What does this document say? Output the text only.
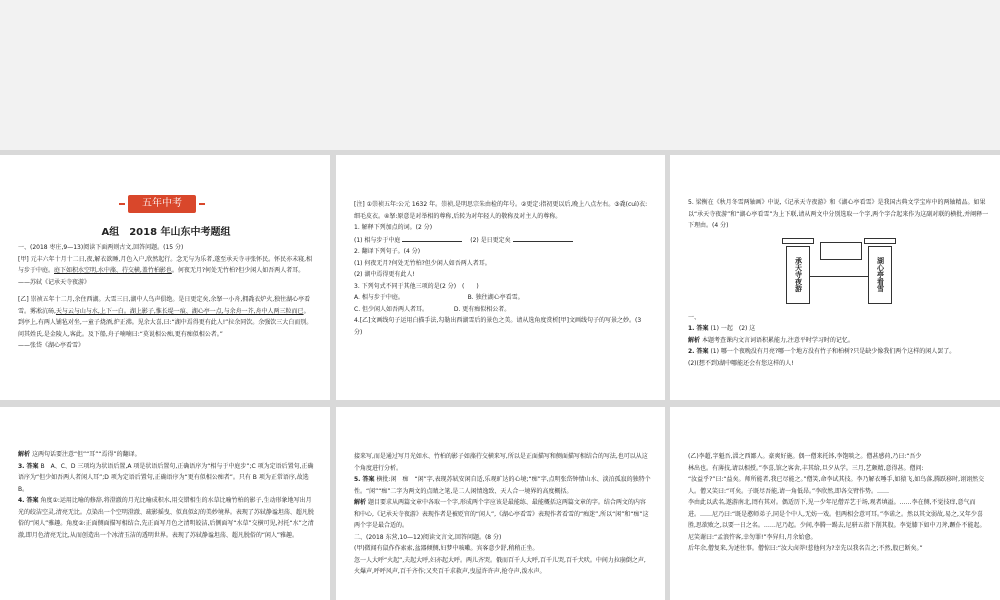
五年中考
A组　2018 年山东中考题组

一、(2018 枣庄,9—13)阅读下面两则古文,回答问题。(15 分)

[甲] 元丰六年十月十二日,夜,解衣欲睡,月色入户,欣然起行。念无与为乐者,遂至承天寺寻张怀民。怀民亦未寝,相与步于中庭。庭下如积水空明,水中藻、荇交横,盖竹柏影也。何夜无月?何处无竹柏?但少闲人如吾两人者耳。

——苏轼《记承天寺夜游》

[乙] 崇祯五年十二月,余住西湖。大雪三日,湖中人鸟声俱绝。是日更定矣,余拏一小舟,拥毳衣炉火,独往湖心亭看雪。雾凇沆砀,天与云与山与水,上下一白。湖上影子,惟长堤一痕、湖心亭一点,与余舟一芥,舟中人两三粒而已。到亭上,有两人铺毡对坐,一童子烧酒,炉正沸。见余大喜,曰:“湖中焉得更有此人!”拉余同饮。余强饮三大白而别。问其姓氏,是金陵人,客此。及下船,舟子喃喃曰:“莫说相公痴,更有痴似相公者。”

——张岱《湖心亭看雪》

[注] ①崇祯五年:公元 1632 年。崇祯,是明思宗朱由检的年号。②更定:指初更以后,晚上八点左右。③毳(cuì)衣:细毛皮衣。④拏:原意是对举相的尊称,后转为对年轻人的敬称及对主人的尊称。

1. 解释下列加点的词。(2 分)

(1) 相与步于中庭 　	(2) 是日更定矣

2. 翻译下列句子。(4 分)

(1) 何夜无月?何处无竹柏?但少闲人如吾两人者耳。

(2) 湖中焉得更有此人!

3. 下列句式不同于其他三项的是(2 分)　(　　)

A. 相与步于中庭。	B. 独往湖心亭看雪。

C. 但少闲人如吾两人者耳。	D. 更有痴似相公者。

4.[乙]文画线句子运用白描手法,勾勒出西湖雪后的景色之美。请从选角度赏析[甲]文画线句子的写景之妙。(3 分)

5. 梁衡在《秋月冬雪两轴画》中说,《记承天寺夜游》和《湖心亭看雪》是我国古典文学宝库中的两轴精品。如果以“承天寺夜游”和“湖心亭看雪”为上下联,请从两文中分别选取一个字,两个字合起来作为这副对联的横批,并阐释一下理由。(4 分)

承天寺夜游	湖心亭看雪

一、

1. 答案 (1) 一起　(2) 这

解析 本题考查课内文言词语积累能力,注意平时学习时的记忆。

2. 答案 (1) 哪一个夜晚没有月亮?哪一个地方没有竹子和柏树?只是缺少像我们两个这样的闲人罢了。

(2)(想不到)湖中哪能还会有您这样的人!

解析 这两句话要注意“但”“耳”“焉得”的翻译。

3. 答案 B　A、C、D 三项均为状语后置,A 项是状语后置句,正确语序为“相与于中庭步”;C 项为定语后置句,正确语序为“但少如吾两人者闲人耳”;D 项为定语后置句,正确语序为“更有似相公痴者”。只有 B 项为正常语序,故选 B。

4. 答案 角度①:运用比喻的修辞,将澄澈的月光比喻成积水,用交错相生的水草比喻竹柏的影子,生动形象地写出月光的皎洁空灵,清亮无比。点染出一个空明澄澈、疏影摇曳、似真似幻的美妙境界。表现了苏轼静谧坦荡、超凡脱俗的“闲人”雅趣。角度②:正面侧面描写相结合,先正面写月色之清明皎洁,后侧面写“水草”交横可见,衬托“水”之清澈,即月色清亮无比,从而创造出一个冰清玉洁的透明世界。表现了苏轼静谧坦荡、超凡脱俗的“闲人”雅趣。

接来写,而是通过写月光如水、竹柏的影子如藻荇交横来写,所以是正面描写和侧面描写相结合的写法,也可以从这个角度进行分析。

5. 答案 横批:闲　痴　“闲”字,表现苏轼安闲自适,乐观旷达的心境;“痴”字,点明张岱钟情山水、淡泊孤寂的独特个性。“闲”“痴”二字为两文的点睛之笔,是二人闲情逸致、天人合一境界的高度概括。

解析 题目要求从两篇文章中各取一个字,形成两个字应该是最能练、最能概括这两篇文章的字。结合两文的内容和中心,《记承天寺夜游》表现作者是被贬官的“闲人”,《湖心亭看雪》表现作者看雪的“痴迷”,所以“闲”和“痴”这两个字是最合适的。

二、(2018 东营,10—12)阅读文言文,回答问题。(8 分)

(甲)微闻有鼠作作索索,盆器倾侧,妇梦中咳嗽。宾客意少舒,稍稍正坐。

忽一人大呼“火起”,夫起大呼,妇亦起大呼。两儿齐哭。俄而百千人大呼,百千儿哭,百千犬吠。中间力拉崩倒之声,火爆声,呼呼风声,百千齐作;又夹百千求救声,曳屋许许声,抢夺声,泼水声。

(乙)李超,字魁吾,淄之西鄙人。豪爽好施。偶一僧来托钵,李饱啖之。僧甚感荷,乃曰:“吾少

林出也。有薄技,请以相授。”李喜,馆之客舍,丰其给,旦夕从学。三月,艺颇精,意得甚。僧问:

“汝益乎?”曰:“益矣。师所能者,我已尽能之。”僧笑,命李试其技。李乃解衣唾手,如猿飞,如鸟落,腾跃移时,诩诩然交人。僧又笑曰:“可矣。子既尽吾能,请一角低昂。”李欣然,即各交臂作势。……

李由此以武名,遨游南北,罔有其对。偶适历下,见一少年尼僧弄艺于场,观者填溢。……李在侧,不觉技痒,意气而进。……尼乃曰:“既是憨师弟子,同是个中人,无妨一戏。但两相会意可耳。”李诺之。然以其文弱故,易之,又年少喜胜,思欲败之,以要一日之名。……尼乃起。少间,李腾一踢去,尼骈五指下削其股。李觉膝下如中刀斧,蹶仆不能起。尼笑谢曰:“孟浪忤客,幸勿罪!”李舁归,月余始愈。

后年余,僧复来,为述往事。僧惊曰:“汝大卤莽!惹他何为?幸先以我名告之;不然,股已断矣。”
